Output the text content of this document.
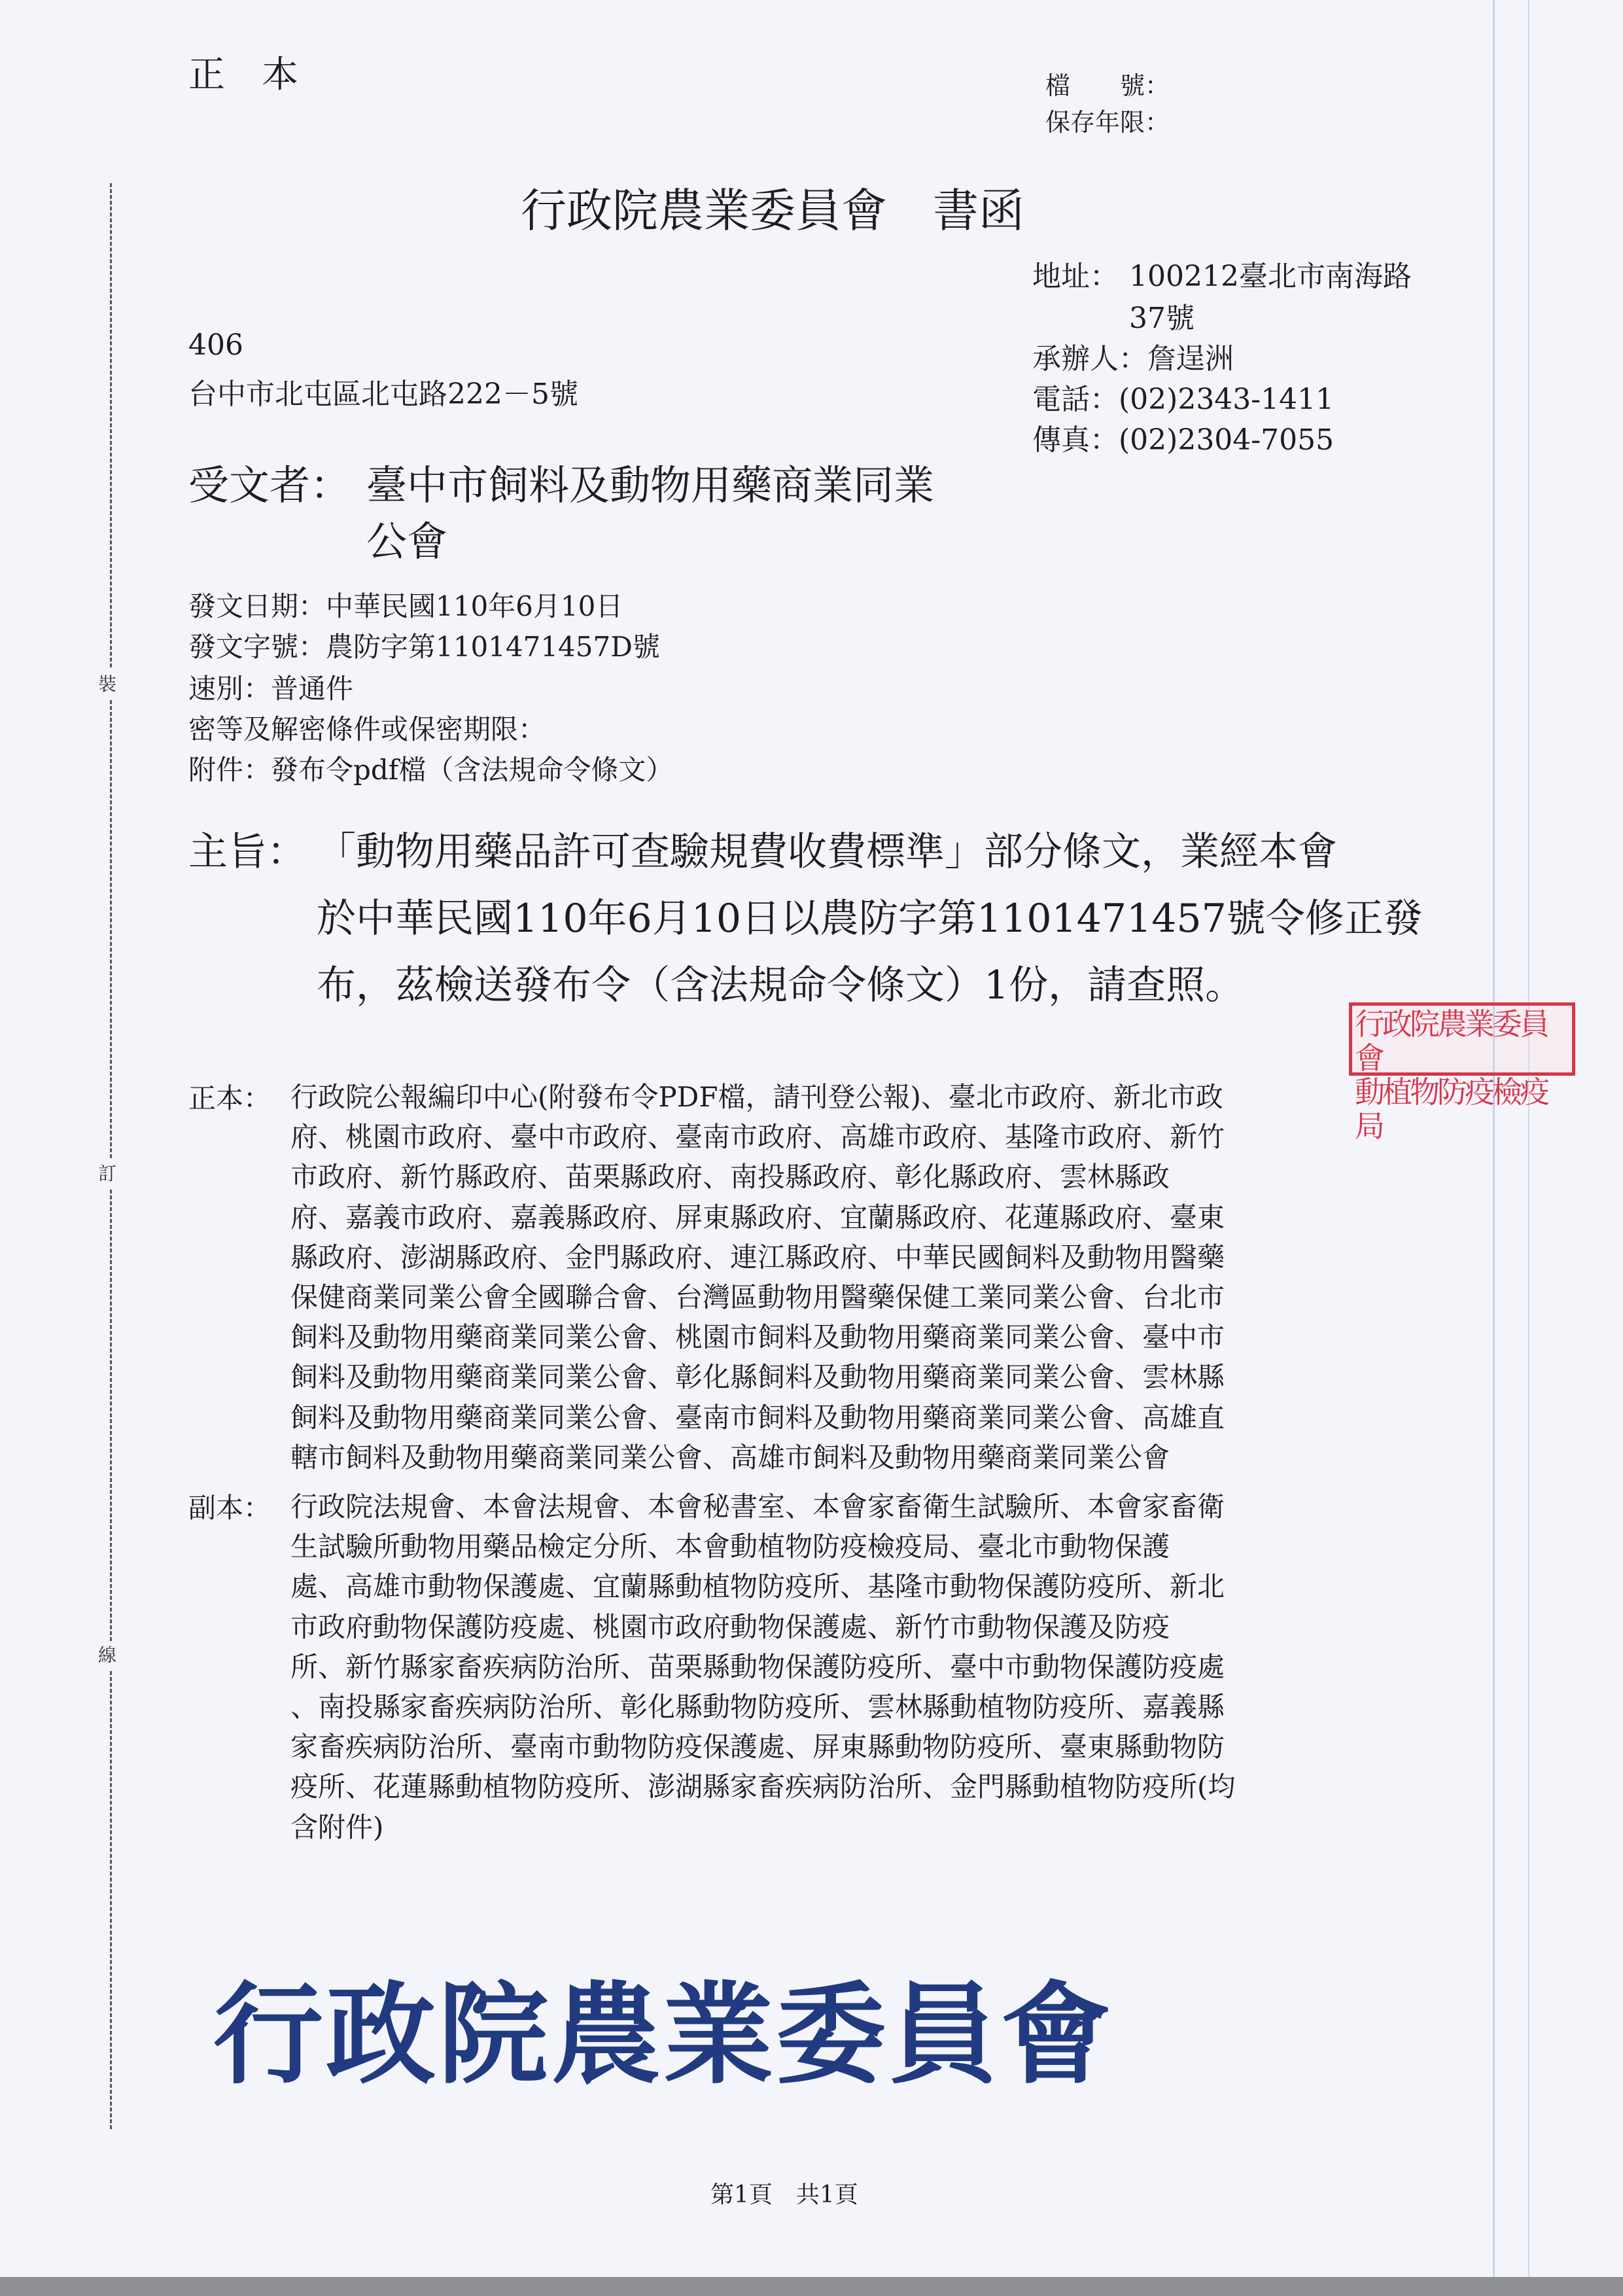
裝
訂
線
正　本	檔　　號：
保存年限：
行政院農業委員會　書函
地址： 100212臺北市南海路
37號
承辦人：詹逞洲
電話：(02)2343-1411
傳真：(02)2304-7055
406
台中市北屯區北屯路222－5號
受文者： 臺中市飼料及動物用藥商業同業
公會
發文日期：中華民國110年6月10日
發文字號：農防字第1101471457D號
速別：普通件
密等及解密條件或保密期限：
附件：發布令pdf檔（含法規命令條文）
主旨： 「動物用藥品許可查驗規費收費標準」部分條文，業經本會
於中華民國110年6月10日以農防字第1101471457號令修正發
布，茲檢送發布令（含法規命令條文）1份，請查照。
行政院農業委員會
動植物防疫檢疫局
正本： 行政院公報編印中心(附發布令PDF檔，請刊登公報)、臺北市政府、新北市政
府、桃園市政府、臺中市政府、臺南市政府、高雄市政府、基隆市政府、新竹
市政府、新竹縣政府、苗栗縣政府、南投縣政府、彰化縣政府、雲林縣政
府、嘉義市政府、嘉義縣政府、屏東縣政府、宜蘭縣政府、花蓮縣政府、臺東
縣政府、澎湖縣政府、金門縣政府、連江縣政府、中華民國飼料及動物用醫藥
保健商業同業公會全國聯合會、台灣區動物用醫藥保健工業同業公會、台北市
飼料及動物用藥商業同業公會、桃園市飼料及動物用藥商業同業公會、臺中市
飼料及動物用藥商業同業公會、彰化縣飼料及動物用藥商業同業公會、雲林縣
飼料及動物用藥商業同業公會、臺南市飼料及動物用藥商業同業公會、高雄直
轄市飼料及動物用藥商業同業公會、高雄市飼料及動物用藥商業同業公會
副本： 行政院法規會、本會法規會、本會秘書室、本會家畜衛生試驗所、本會家畜衛
生試驗所動物用藥品檢定分所、本會動植物防疫檢疫局、臺北市動物保護
處、高雄市動物保護處、宜蘭縣動植物防疫所、基隆市動物保護防疫所、新北
市政府動物保護防疫處、桃園市政府動物保護處、新竹市動物保護及防疫
所、新竹縣家畜疾病防治所、苗栗縣動物保護防疫所、臺中市動物保護防疫處
、南投縣家畜疾病防治所、彰化縣動物防疫所、雲林縣動植物防疫所、嘉義縣
家畜疾病防治所、臺南市動物防疫保護處、屏東縣動物防疫所、臺東縣動物防
疫所、花蓮縣動植物防疫所、澎湖縣家畜疾病防治所、金門縣動植物防疫所(均
含附件)
行政院農業委員會
第1頁　共1頁
